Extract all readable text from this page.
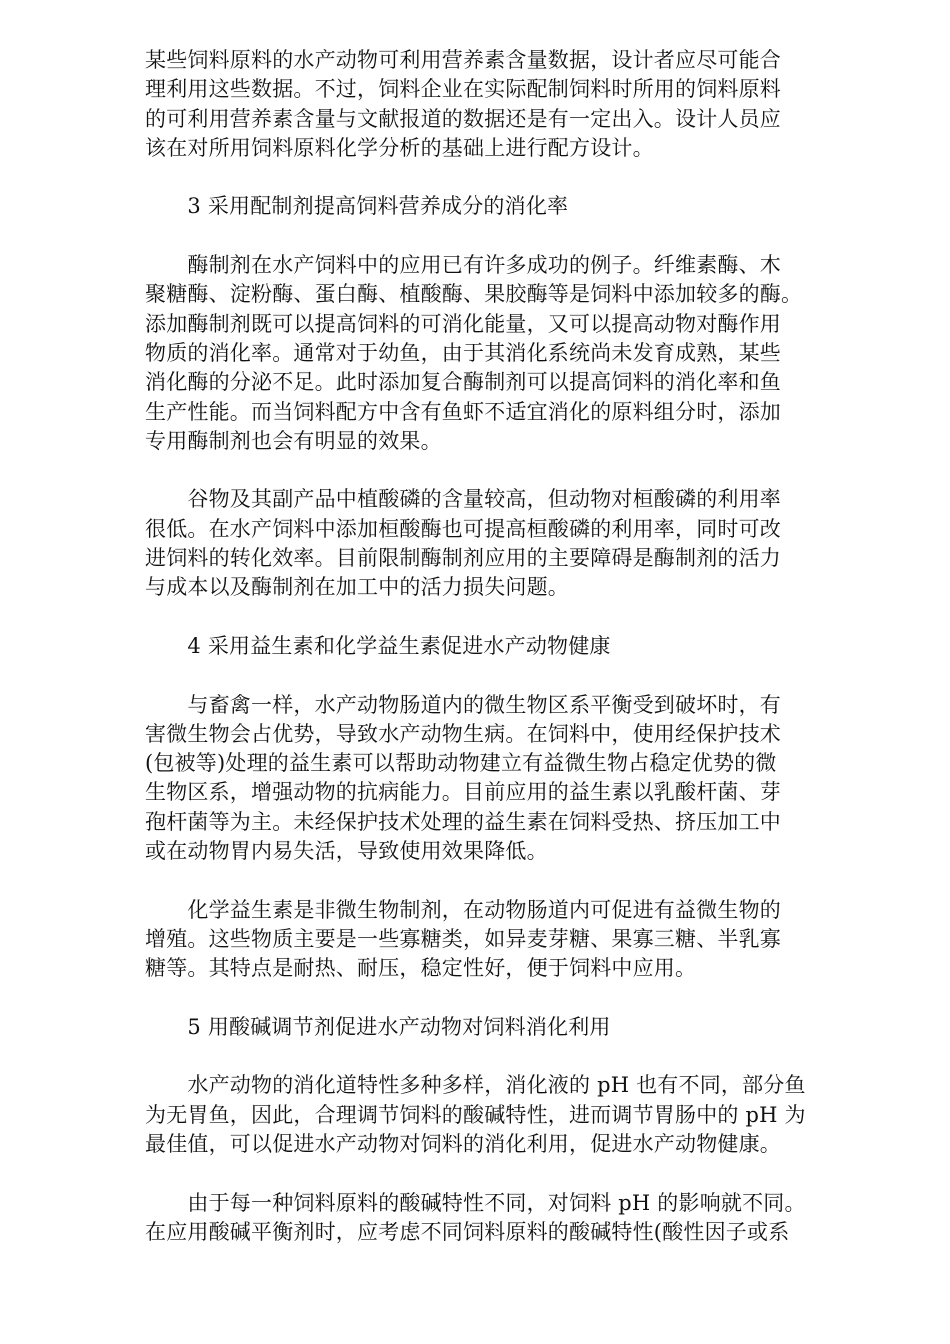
某些饲料原料的水产动物可利用营养素含量数据，设计者应尽可能合
理利用这些数据。不过，饲料企业在实际配制饲料时所用的饲料原料
的可利用营养素含量与文献报道的数据还是有一定出入。设计人员应
该在对所用饲料原料化学分析的基础上进行配方设计。
　　3 采用配制剂提高饲料营养成分的消化率
　　酶制剂在水产饲料中的应用已有许多成功的例子。纤维素酶、木
聚糖酶、淀粉酶、蛋白酶、植酸酶、果胶酶等是饲料中添加较多的酶。
添加酶制剂既可以提高饲料的可消化能量，又可以提高动物对酶作用
物质的消化率。通常对于幼鱼，由于其消化系统尚未发育成熟，某些
消化酶的分泌不足。此时添加复合酶制剂可以提高饲料的消化率和鱼
生产性能。而当饲料配方中含有鱼虾不适宜消化的原料组分时，添加
专用酶制剂也会有明显的效果。
　　谷物及其副产品中植酸磷的含量较高，但动物对桓酸磷的利用率
很低。在水产饲料中添加桓酸酶也可提高桓酸磷的利用率，同时可改
进饲料的转化效率。目前限制酶制剂应用的主要障碍是酶制剂的活力
与成本以及酶制剂在加工中的活力损失问题。
　　4 采用益生素和化学益生素促进水产动物健康
　　与畜禽一样，水产动物肠道内的微生物区系平衡受到破坏时，有
害微生物会占优势，导致水产动物生病。在饲料中，使用经保护技术
(包被等)处理的益生素可以帮助动物建立有益微生物占稳定优势的微
生物区系，增强动物的抗病能力。目前应用的益生素以乳酸杆菌、芽
孢杆菌等为主。未经保护技术处理的益生素在饲料受热、挤压加工中
或在动物胃内易失活，导致使用效果降低。
　　化学益生素是非微生物制剂，在动物肠道内可促进有益微生物的
增殖。这些物质主要是一些寡糖类，如异麦芽糖、果寡三糖、半乳寡
糖等。其特点是耐热、耐压，稳定性好，便于饲料中应用。
　　5 用酸碱调节剂促进水产动物对饲料消化利用
　　水产动物的消化道特性多种多样，消化液的 pH 也有不同，部分鱼
为无胃鱼，因此，合理调节饲料的酸碱特性，进而调节胃肠中的 pH 为
最佳值，可以促进水产动物对饲料的消化利用，促进水产动物健康。
　　由于每一种饲料原料的酸碱特性不同，对饲料 pH 的影响就不同。
在应用酸碱平衡剂时，应考虑不同饲料原料的酸碱特性(酸性因子或系
